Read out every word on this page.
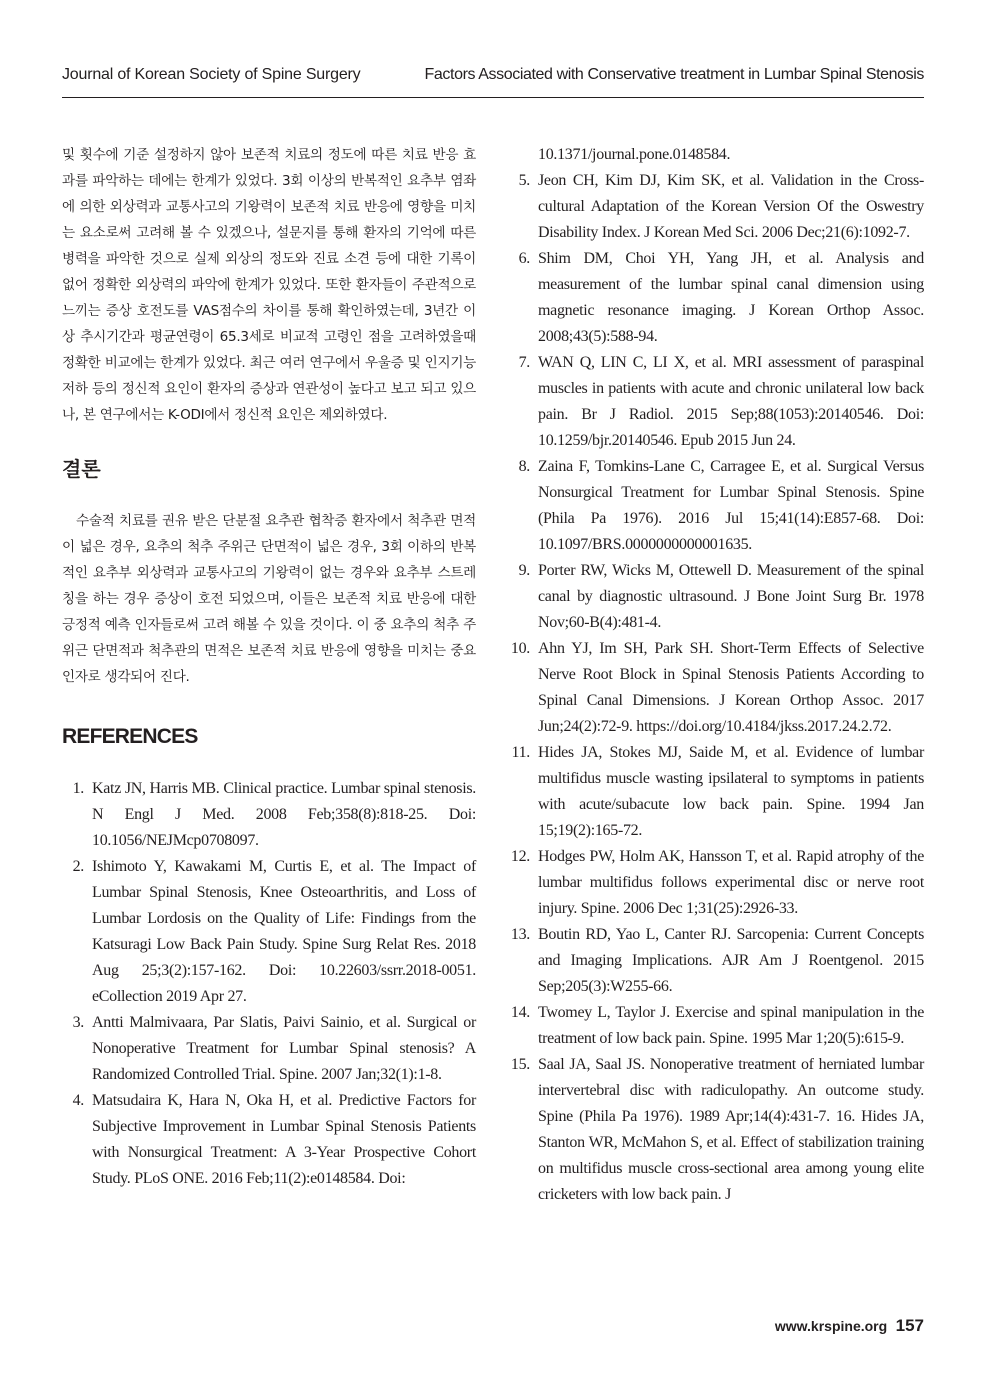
Journal of Korean Society of Spine Surgery	Factors Associated with Conservative treatment in Lumbar Spinal Stenosis

및 횟수에 기준 설정하지 않아 보존적 치료의 정도에 따른 치료 반응 효과를 파악하는 데에는 한계가 있었다. 3회 이상의 반복적인 요추부 염좌에 의한 외상력과 교통사고의 기왕력이 보존적 치료 반응에 영향을 미치는 요소로써 고려해 볼 수 있겠으나, 설문지를 통해 환자의 기억에 따른 병력을 파악한 것으로 실제 외상의 정도와 진료 소견 등에 대한 기록이 없어 정확한 외상력의 파악에 한계가 있었다. 또한 환자들이 주관적으로 느끼는 증상 호전도를 VAS점수의 차이를 통해 확인하였는데, 3년간 이상 추시기간과 평균연령이 65.3세로 비교적 고령인 점을 고려하였을때 정확한 비교에는 한계가 있었다. 최근 여러 연구에서 우울증 및 인지기능 저하 등의 정신적 요인이 환자의 증상과 연관성이 높다고 보고 되고 있으나, 본 연구에서는 K-ODI에서 정신적 요인은 제외하였다.

결론

수술적 치료를 권유 받은 단분절 요추관 협착증 환자에서 척추관 면적이 넓은 경우, 요추의 척추 주위근 단면적이 넓은 경우, 3회 이하의 반복적인 요추부 외상력과 교통사고의 기왕력이 없는 경우와 요추부 스트레칭을 하는 경우 증상이 호전 되었으며, 이들은 보존적 치료 반응에 대한 긍정적 예측 인자들로써 고려 해볼 수 있을 것이다. 이 중 요추의 척추 주위근 단면적과 척추관의 면적은 보존적 치료 반응에 영향을 미치는 중요 인자로 생각되어 진다.

REFERENCES
1. Katz JN, Harris MB. Clinical practice. Lumbar spinal stenosis. N Engl J Med. 2008 Feb;358(8):818-25. Doi: 10.1056/NEJMcp0708097.
2. Ishimoto Y, Kawakami M, Curtis E, et al. The Impact of Lumbar Spinal Stenosis, Knee Osteoarthritis, and Loss of Lumbar Lordosis on the Quality of Life: Findings from the Katsuragi Low Back Pain Study. Spine Surg Relat Res. 2018 Aug 25;3(2):157-162. Doi: 10.22603/ssrr.2018-0051. eCollection 2019 Apr 27.
3. Antti Malmivaara, Par Slatis, Paivi Sainio, et al. Surgical or Nonoperative Treatment for Lumbar Spinal stenosis? A Randomized Controlled Trial. Spine. 2007 Jan;32(1):1-8.
4. Matsudaira K, Hara N, Oka H, et al. Predictive Factors for Subjective Improvement in Lumbar Spinal Stenosis Patients with Nonsurgical Treatment: A 3-Year Prospective Cohort Study. PLoS ONE. 2016 Feb;11(2):e0148584. Doi:
10.1371/journal.pone.0148584.
5. Jeon CH, Kim DJ, Kim SK, et al. Validation in the Cross-cultural Adaptation of the Korean Version Of the Oswestry Disability Index. J Korean Med Sci. 2006 Dec;21(6):1092-7.
6. Shim DM, Choi YH, Yang JH, et al. Analysis and measurement of the lumbar spinal canal dimension using magnetic resonance imaging. J Korean Orthop Assoc. 2008;43(5):588-94.
7. WAN Q, LIN C, LI X, et al. MRI assessment of paraspinal muscles in patients with acute and chronic unilateral low back pain. Br J Radiol. 2015 Sep;88(1053):20140546. Doi: 10.1259/bjr.20140546. Epub 2015 Jun 24.
8. Zaina F, Tomkins-Lane C, Carragee E, et al. Surgical Versus Nonsurgical Treatment for Lumbar Spinal Stenosis. Spine (Phila Pa 1976). 2016 Jul 15;41(14):E857-68. Doi: 10.1097/BRS.0000000000001635.
9. Porter RW, Wicks M, Ottewell D. Measurement of the spinal canal by diagnostic ultrasound. J Bone Joint Surg Br. 1978 Nov;60-B(4):481-4.
10. Ahn YJ, Im SH, Park SH. Short-Term Effects of Selective Nerve Root Block in Spinal Stenosis Patients According to Spinal Canal Dimensions. J Korean Orthop Assoc. 2017 Jun;24(2):72-9. https://doi.org/10.4184/jkss.2017.24.2.72.
11. Hides JA, Stokes MJ, Saide M, et al. Evidence of lumbar multifidus muscle wasting ipsilateral to symptoms in patients with acute/subacute low back pain. Spine. 1994 Jan 15;19(2):165-72.
12. Hodges PW, Holm AK, Hansson T, et al. Rapid atrophy of the lumbar multifidus follows experimental disc or nerve root injury. Spine. 2006 Dec 1;31(25):2926-33.
13. Boutin RD, Yao L, Canter RJ. Sarcopenia: Current Concepts and Imaging Implications. AJR Am J Roentgenol. 2015 Sep;205(3):W255-66.
14. Twomey L, Taylor J. Exercise and spinal manipulation in the treatment of low back pain. Spine. 1995 Mar 1;20(5):615-9.
15. Saal JA, Saal JS. Nonoperative treatment of herniated lumbar intervertebral disc with radiculopathy. An outcome study. Spine (Phila Pa 1976). 1989 Apr;14(4):431-7. 16. Hides JA, Stanton WR, McMahon S, et al. Effect of stabilization training on multifidus muscle cross-sectional area among young elite cricketers with low back pain. J
www.krspine.org 157
